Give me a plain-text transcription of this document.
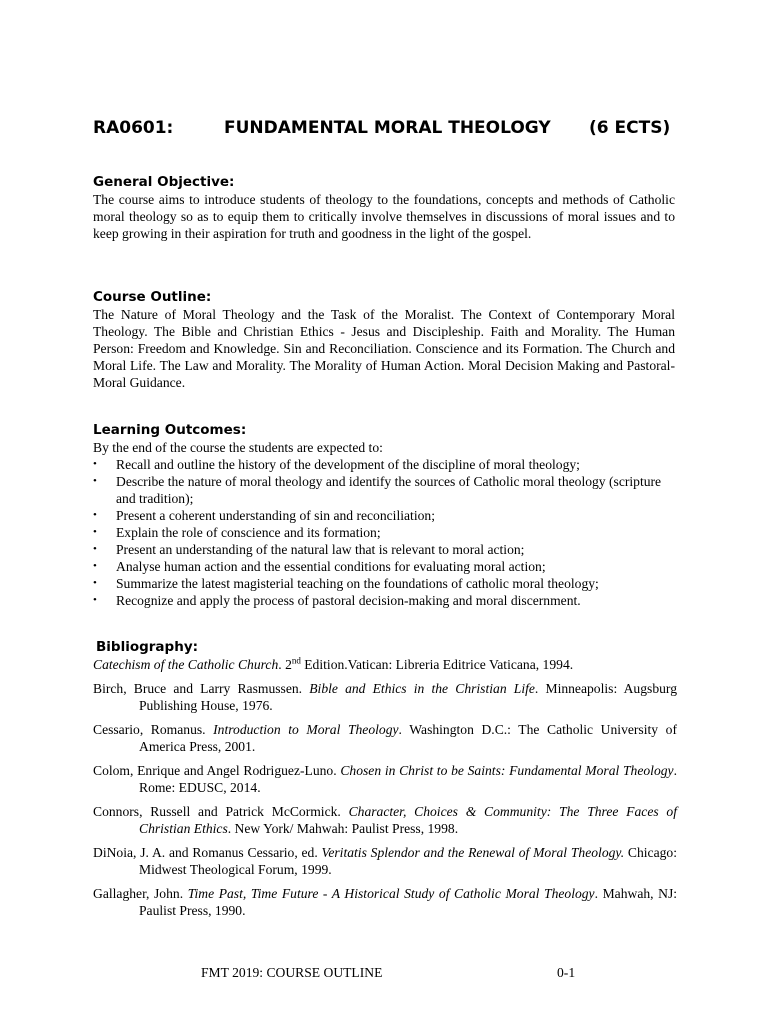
RA0601:	FUNDAMENTAL MORAL THEOLOGY (6 ECTS)
General Objective:
The course aims to introduce students of theology to the foundations, concepts and methods of Catholic moral theology so as to equip them to critically involve themselves in discussions of moral issues and to keep growing in their aspiration for truth and goodness in the light of the gospel.
Course Outline:
The Nature of Moral Theology and the Task of the Moralist. The Context of Contemporary Moral Theology. The Bible and Christian Ethics - Jesus and Discipleship. Faith and Morality. The Human Person: Freedom and Knowledge. Sin and Reconciliation. Conscience and its Formation. The Church and Moral Life. The Law and Morality. The Morality of Human Action. Moral Decision Making and Pastoral-Moral Guidance.
Learning Outcomes:
By the end of the course the students are expected to:
• Recall and outline the history of the development of the discipline of moral theology;
• Describe the nature of moral theology and identify the sources of Catholic moral theology (scripture and tradition);
• Present a coherent understanding of sin and reconciliation;
• Explain the role of conscience and its formation;
• Present an understanding of the natural law that is relevant to moral action;
• Analyse human action and the essential conditions for evaluating moral action;
• Summarize the latest magisterial teaching on the foundations of catholic moral theology;
• Recognize and apply the process of pastoral decision-making and moral discernment.
Bibliography:
Catechism of the Catholic Church. 2nd Edition.Vatican: Libreria Editrice Vaticana, 1994.
Birch, Bruce and Larry Rasmussen. Bible and Ethics in the Christian Life. Minneapolis: Augsburg Publishing House, 1976.
Cessario, Romanus. Introduction to Moral Theology. Washington D.C.: The Catholic University of America Press, 2001.
Colom, Enrique and Angel Rodriguez-Luno. Chosen in Christ to be Saints: Fundamental Moral Theology. Rome: EDUSC, 2014.
Connors, Russell and Patrick McCormick. Character, Choices & Community: The Three Faces of Christian Ethics. New York/ Mahwah: Paulist Press, 1998.
DiNoia, J. A. and Romanus Cessario, ed. Veritatis Splendor and the Renewal of Moral Theology. Chicago: Midwest Theological Forum, 1999.
Gallagher, John. Time Past, Time Future - A Historical Study of Catholic Moral Theology. Mahwah, NJ: Paulist Press, 1990.
FMT 2019: COURSE OUTLINE	0-1
